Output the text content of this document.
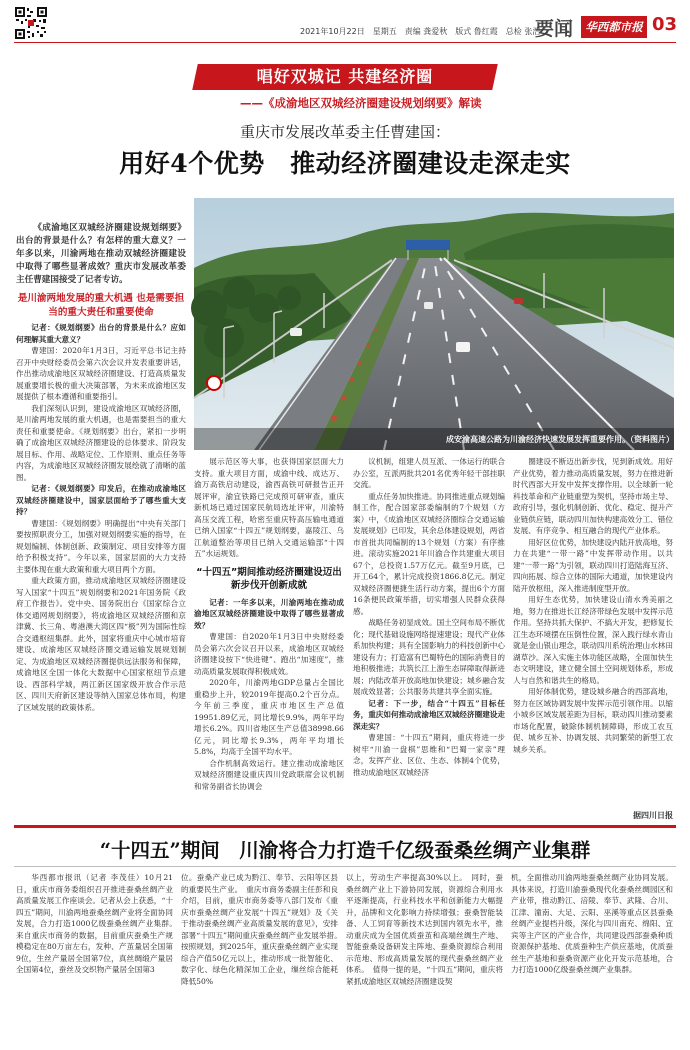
2021年10月22日　星期五　责编 龚爱秋　版式 鲁红霞　总检 张浩
要闻	华西都市报 03
唱好双城记 共建经济圈
——《成渝地区双城经济圈建设规划纲要》解读
重庆市发展改革委主任曹建国：
用好4个优势　推动经济圈建设走深走实
《成渝地区双城经济圈建设规划纲要》出台的背景是什么？有怎样的重大意义？一年多以来，川渝两地在推动双城经济圈建设中取得了哪些显著成效？重庆市发展改革委主任曹建国接受了记者专访。
是川渝两地发展的重大机遇 也是需要担当的重大责任和重要使命
成安渝高速公路为川渝经济快速发展发挥重要作用。（资料图片）

记者：《规划纲要》出台的背景是什么？应如何理解其重大意义？

曹建国：2020年1月3日，习近平总书记主持召开中央财经委员会第六次会议并发表重要讲话，作出推动成渝地区双城经济圈建设、打造高质量发展重要增长极的重大决策部署，为未来成渝地区发展提供了根本遵循和重要指引。

我们深刻认识到，建设成渝地区双城经济圈，是川渝两地发展的重大机遇，也是需要担当的重大责任和重要使命。《规划纲要》出台，紧扣一步明确了成渝地区双城经济圈建设的总体要求、阶段发展目标、作用、战略定位、工作原则、重点任务等内容，为成渝地区双城经济圈发展绘就了清晰的蓝图。

记者：《规划纲要》印发后，在推动成渝地区双城经济圈建设中，国家层面给予了哪些重大支持？

曹建国：《规划纲要》明确提出“中央有关部门要按照职责分工，加强对规划纲要实施的指导，在规划编制、体制创新、政策制定、项目安排等方面给予积极支持”。今年以来，国家层面的大力支持主要体现在重大政策和重大项目两个方面。

重大政策方面，推动成渝地区双城经济圈建设写入国家“十四五”规划纲要和2021年国务院《政府工作报告》。党中央、国务院出台《国家综合立体交通网规划纲要》，将成渝地区双城经济圈和京津冀、长三角、粤港澳大湾区四“极”列为国际性综合交通枢纽集群。此外，国家将重庆中心城市培育建设、成渝地区双城经济圈交通运输发展规划制定、为成渝地区双城经济圈提供远法服务和保障，成渝地区全国一体化大数据中心国家枢纽节点建设、西部科学城，两江新区国家级开放合作示范区、四川天府新区建设等纳入国家总体布局，构建了区域发展的政策体系。

展示范区等大事，也获得国家层面大力支持。重大项目方面，成渝中线、成达万、渝万高铁启动建设，渝西高铁可研报告正开展评审，渝宜铁路已完成预可研审查，重庆新机场已通过国家民航局选址评审，川渝特高压交流工程，哈密至重庆特高压输电通道已纳入国家“十四五”规划纲要，嘉陵江、乌江航道整治等项目已纳入交通运输部“十四五”水运规划。

“十四五”期间推动经济圈建设迈出新步伐开创新成就

记者：一年多以来，川渝两地在推动成渝地区双城经济圈建设中取得了哪些显著成效？

曹建国：自2020年1月3日中央财经委员会第六次会议召开以来，成渝地区双城经济圈建设按下“快进键”、跑出“加速度”，推动高质量发展取得积极成效。

2020年，川渝两地GDP总量占全国比重稳步上升，较2019年提高0.2个百分点。今年前三季度，重庆市地区生产总值19951.89亿元，同比增长9.9%，两年平均增长6.2%。四川省地区生产总值38998.66亿元，同比增长9.3%，两年平均增长5.8%，均高于全国平均水平。

合作机制高效运行。建立推动成渝地区双城经济圈建设重庆四川党政联席会议机制和常务副省长协调会

议机制，组建人员互派、一体运行的联合办公室，互派两批共201名优秀年轻干部挂职交流。

重点任务加快推进。协同推进重点规划编制工作，配合国家部委编制的7个规划（方案）中，《成渝地区双城经济圈综合交通运输发展规划》已印发，其余总体建设规划，两省市首批共同编制的13个规划（方案）有序推进。滚动实施2021年川渝合作共建重大项目67个，总投资1.57万亿元。截至9月底，已开工64个，累计完成投资1866.8亿元。制定双城经济圈便捷生活行动方案，提出6个方面16条便民政策举措，切实增强人民群众获得感。

战略任务初显成效。国土空间布局不断优化；现代基础设施网络提速建设；现代产业体系加快构建；具有全国影响力的科技创新中心建设有力；打造富有巴蜀特色的国际消费目的地积极推进；共筑长江上游生态屏障取得新进展；内陆改革开放高地加快建设；城乡融合发展成效显著；公共服务共建共享全面实施。

记者：下一步，结合“十四五”目标任务，重庆如何推动成渝地区双城经济圈建设走深走实？

曹建国：“十四五”期间，重庆将进一步树牢“川渝一盘棋”思维和“巴蜀一家亲”理念，发挥产业、区位、生态、体制4个优势，推动成渝地区双城经济

圈建设不断迈出新步伐，见到新成效。用好产业优势，着力推动高质量发展，努力在推进新时代西部大开发中发挥支撑作用。以全球新一轮科技革命和产业链重塑为契机，坚持市场主导、政府引导，强化机制创新、优化、稳定、提升产业链供应链，联动四川加快构建高效分工、错位发展、有序竞争、相互融合的现代产业体系。

用好区位优势，加快建设内陆开放高地，努力在共建“一带一路”中发挥带动作用。以共建“一带一路”为引领，联动四川打造陆海互济、四向拓展、综合立体的国际大通道，加快建设内陆开放枢纽，深入推进制度型开放。

用好生态优势，加快建设山清水秀美丽之地，努力在推进长江经济带绿色发展中发挥示范作用。坚持共抓大保护、不搞大开发，把修复长江生态环境摆在压倒性位置，深入践行绿水青山就是金山银山理念，联动四川系统治理山水林田湖草沙。深入实施主体功能区战略，全面加快生态文明建设，建立健全国土空间规划体系，形成人与自然和谐共生的格局。

用好体制优势，建设城乡融合的西部高地，努力在区域协调发展中发挥示范引领作用。以缩小城乡区域发展差距为目标，联动四川推动要素市场化配置，破除体制机制障碍，形成工农互促、城乡互补、协调发展、共同繁荣的新型工农城乡关系。

据四川日报
“十四五”期间　川渝将合力打造千亿级蚕桑丝绸产业集群

华西都市报讯（记者 李茂佳）10月21日，重庆市商务委组织召开推进蚕桑丝绸产业高质量发展工作座谈会。记者从会上获悉，“十四五”期间，川渝两地蚕桑丝绸产业将全面协同发展，合力打造1000亿级蚕桑丝绸产业集群。　来自重庆市商务的数据，目前重庆蚕桑生产规模稳定在80万亩左右，发种、产茧量居全国第9位，生丝产量居全国第7位，真丝绸缎产量居全国第4位，蚕丝及交织物产量居全国第3

位。蚕桑产业已成为黔江、奉节、云阳等区县的重要民生产业。　重庆市商务委副主任彭和良介绍，目前，重庆市商务委等八部门发布《重庆市蚕桑丝绸产业发展“十四五”规划》及《关于推动蚕桑丝绸产业高质量发展的意见》，安排部署“十四五”期间重庆蚕桑丝绸产业发展举措。　按照规划，到2025年，重庆蚕桑丝绸产业实现综合产值50亿元以上，推动形成一批智能化、数字化、绿色化精深加工企业，缫丝综合能耗降低50%

以上，劳动生产率提高30%以上。　同时，蚕桑丝绸产业上下游协同发展，资源综合利用水平逐渐提高，行业科技水平和创新能力大幅提升，品牌和文化影响力持续增强；蚕桑智能装备、人工饲育等新技术达到国内领先水平，推动重庆成为全国优质蚕茧和高端丝绸生产地、智能蚕桑设备研发主阵地、蚕桑资源综合利用示范地、形成高质量发展的现代蚕桑丝绸产业体系。　值得一提的是，“十四五”期间，重庆将紧抓成渝地区双城经济圈建设契

机，全面推动川渝两地蚕桑丝绸产业协同发展。具体来说，打造川渝蚕桑现代化蚕桑丝绸园区和产业带，推动黔江、涪陵、奉节、武隆、合川、江津、潼南、大足、云阳、巫溪等重点区县蚕桑丝绸产业提档升级，深化与四川南充、绵阳、宜宾等主产区的产业合作，共同建设西部蚕桑种质资源保护基地、优质蚕种生产供应基地，优质蚕丝生产基地和蚕桑资源产业化开发示范基地，合力打造1000亿级蚕桑丝绸产业集群。
